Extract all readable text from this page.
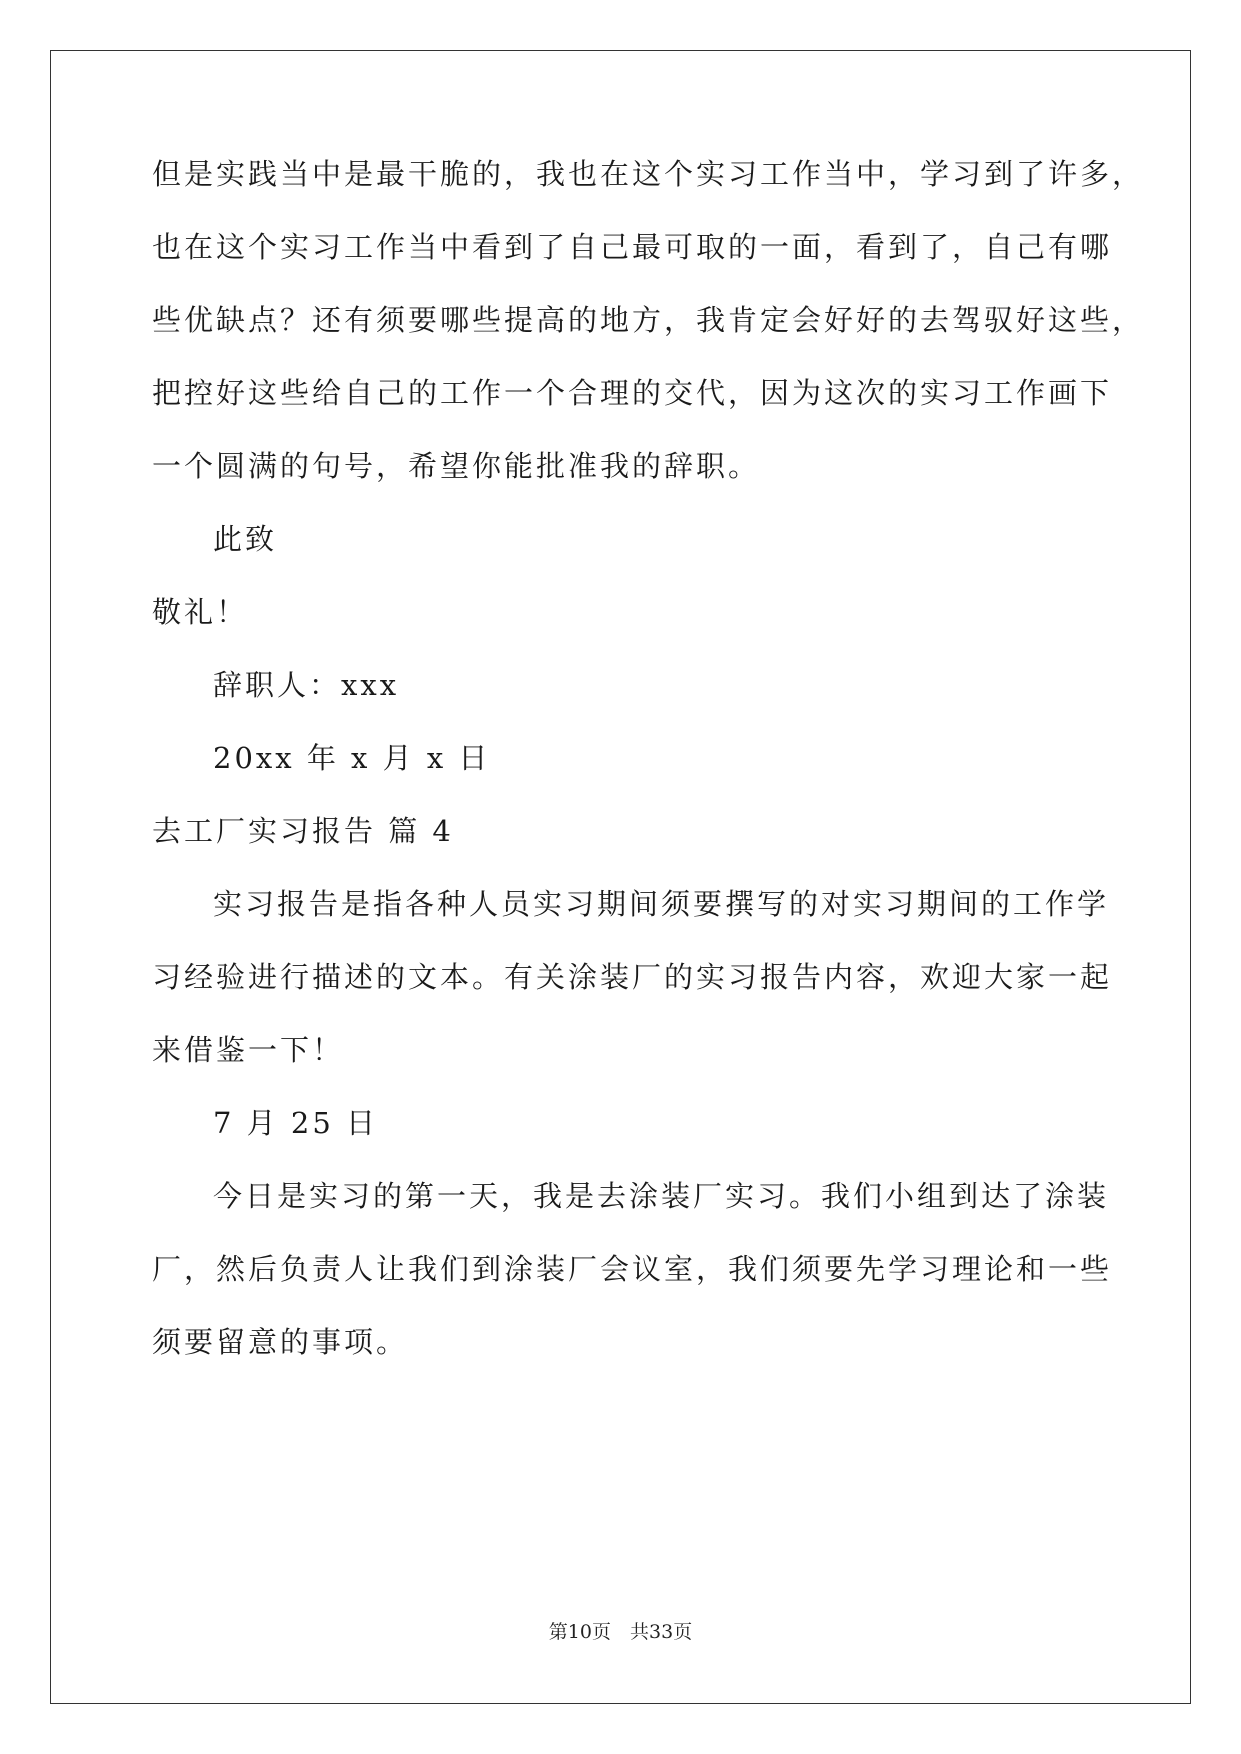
但是实践当中是最干脆的，我也在这个实习工作当中，学习到了许多，
也在这个实习工作当中看到了自己最可取的一面，看到了，自己有哪
些优缺点？还有须要哪些提高的地方，我肯定会好好的去驾驭好这些，
把控好这些给自己的工作一个合理的交代，因为这次的实习工作画下
一个圆满的句号，希望你能批准我的辞职。
此致
敬礼！
辞职人：xxx
20xx 年 x 月 x 日
去工厂实习报告 篇 4
实习报告是指各种人员实习期间须要撰写的对实习期间的工作学
习经验进行描述的文本。有关涂装厂的实习报告内容，欢迎大家一起
来借鉴一下！
7 月 25 日
今日是实习的第一天，我是去涂装厂实习。我们小组到达了涂装
厂，然后负责人让我们到涂装厂会议室，我们须要先学习理论和一些
须要留意的事项。
第10页　共33页
